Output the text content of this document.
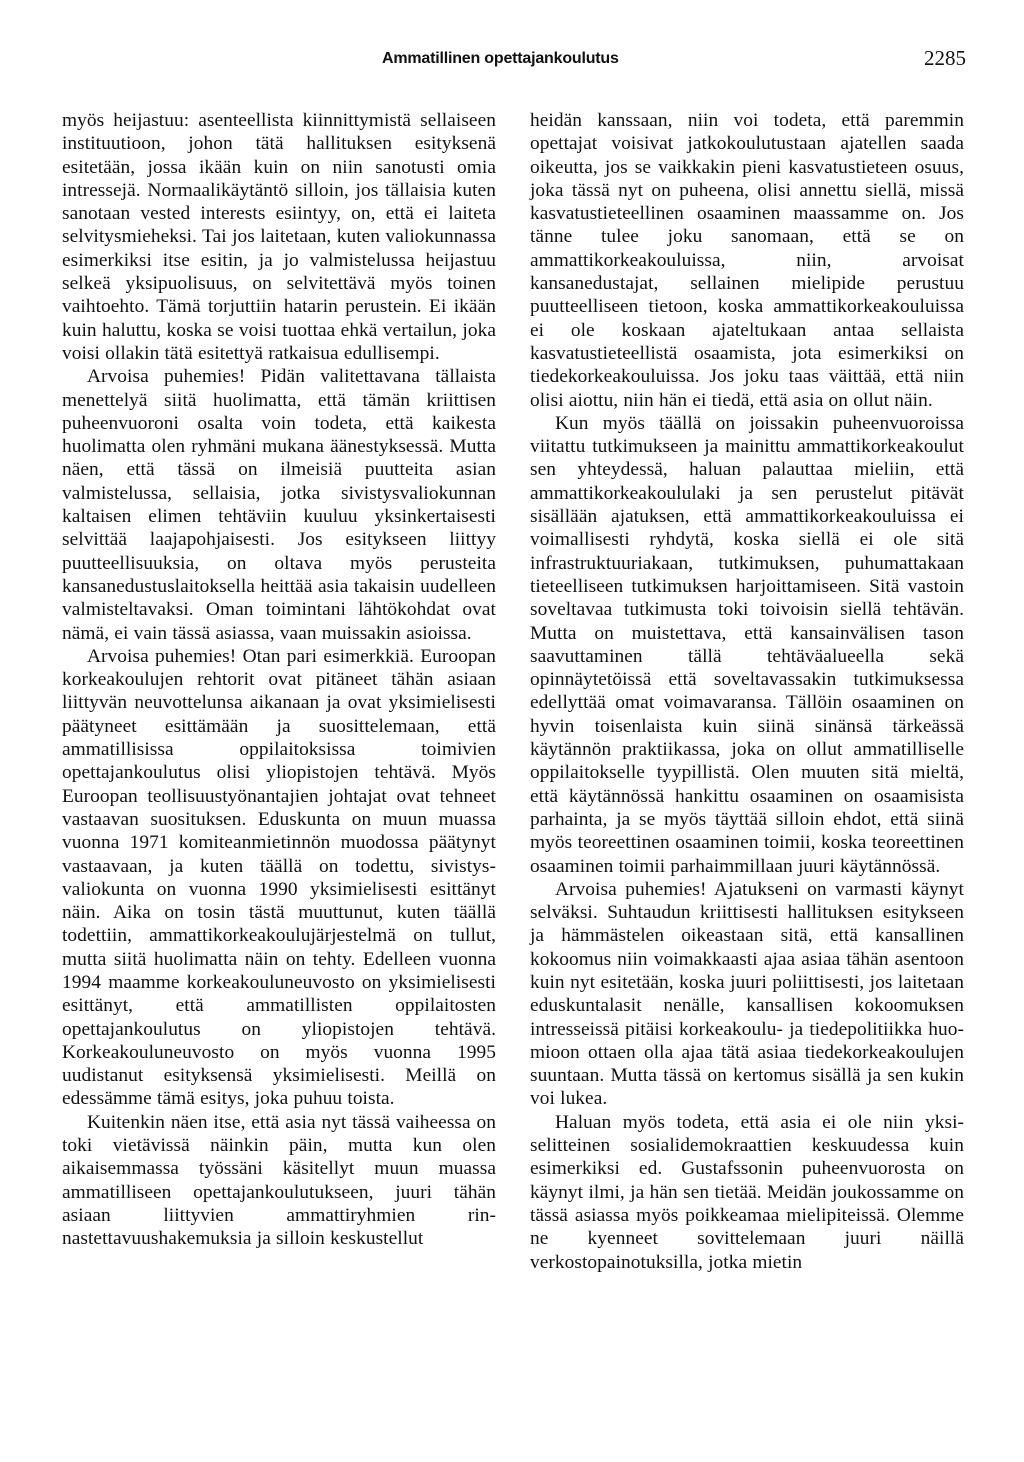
Ammatillinen opettajankoulutus	2285

myös heijastuu: asenteellista kiinnittymistä sellaiseen instituutioon, johon tätä hallituksen esityksenä esitetään, jossa ikään kuin on niin sanotusti omia intressejä. Normaalikäytäntö silloin, jos tällaisia kuten sanotaan vested interests esiintyy, on, että ei laiteta selvitysmieheksi. Tai jos laitetaan, kuten valiokunnassa esimerkiksi itse esitin, ja jo valmistelussa heijastuu selkeä yksipuolisuus, on selvitettävä myös toinen vaihtoehto. Tämä torjuttiin hatarin perustein. Ei ikään kuin haluttu, koska se voisi tuottaa ehkä vertailun, joka voisi ollakin tätä esitettyä ratkaisua edullisempi.

Arvoisa puhemies! Pidän valitettavana tällaista menettelyä siitä huolimatta, että tämän kriittisen puheenvuoroni osalta voin todeta, että kaikesta huolimatta olen ryhmäni mukana äänestyksessä. Mutta näen, että tässä on ilmeisiä puutteita asian valmistelussa, sellaisia, jotka sivistysvaliokunnan kaltaisen elimen tehtäviin kuuluu yksinkertaisesti selvittää laajapohjaisesti. Jos esitykseen liittyy puutteellisuuksia, on oltava myös perusteita kansanedustuslaitoksella heittää asia takaisin uudelleen valmisteltavaksi. Oman toimintani lähtökohdat ovat nämä, ei vain tässä asiassa, vaan muissakin asioissa.

Arvoisa puhemies! Otan pari esimerkkiä. Euroopan korkeakoulujen rehtorit ovat pitäneet tähän asiaan liittyvän neuvottelunsa aikanaan ja ovat yksimielisesti päätyneet esittämään ja suosittelemaan, että ammatillisissa oppilaitoksissa toimivien opettajankoulutus olisi yliopistojen tehtävä. Myös Euroopan teollisuustyönantajien johtajat ovat tehneet vastaavan suosituksen. Eduskunta on muun muassa vuonna 1971 komiteanmietinnön muodossa päätynyt vastaavaan, ja kuten täällä on todettu, sivistysvaliokunta on vuonna 1990 yksimielisesti esittänyt näin. Aika on tosin tästä muuttunut, kuten täällä todettiin, ammattikorkeakoulujärjestelmä on tullut, mutta siitä huolimatta näin on tehty. Edelleen vuonna 1994 maamme korkeakouluneuvosto on yksimielisesti esittänyt, että ammatillisten oppilaitosten opettajankoulutus on yliopistojen tehtävä. Korkeakouluneuvosto on myös vuonna 1995 uudistanut esityksensä yksimielisesti. Meillä on edessämme tämä esitys, joka puhuu toista.

Kuitenkin näen itse, että asia nyt tässä vaiheessa on toki vietävissä näinkin päin, mutta kun olen aikaisemmassa työssäni käsitellyt muun muassa ammatilliseen opettajankoulutukseen, juuri tähän asiaan liittyvien ammattiryhmien rinnastettavuushakemuksia ja silloin keskustellut

heidän kanssaan, niin voi todeta, että paremmin opettajat voisivat jatkokoulutustaan ajatellen saada oikeutta, jos se vaikkakin pieni kasvatustieteen osuus, joka tässä nyt on puheena, olisi annettu siellä, missä kasvatustieteellinen osaaminen maassamme on. Jos tänne tulee joku sanomaan, että se on ammattikorkeakouluissa, niin, arvoisat kansanedustajat, sellainen mielipide perustuu puutteelliseen tietoon, koska ammattikorkeakouluissa ei ole koskaan ajateltukaan antaa sellaista kasvatustieteellistä osaamista, jota esimerkiksi on tiedekorkeakouluissa. Jos joku taas väittää, että niin olisi aiottu, niin hän ei tiedä, että asia on ollut näin.

Kun myös täällä on joissakin puheenvuoroissa viitattu tutkimukseen ja mainittu ammattikorkeakoulut sen yhteydessä, haluan palauttaa mieliin, että ammattikorkeakoululaki ja sen perustelut pitävät sisällään ajatuksen, että ammattikorkeakouluissa ei voimallisesti ryhdytä, koska siellä ei ole sitä infrastruktuuriakaan, tutkimuksen, puhumattakaan tieteelliseen tutkimuksen harjoittamiseen. Sitä vastoin soveltavaa tutkimusta toki toivoisin siellä tehtävän. Mutta on muistettava, että kansainvälisen tason saavuttaminen tällä tehtäväalueella sekä opinnäytetöissä että soveltavassakin tutkimuksessa edellyttää omat voimavaransa. Tällöin osaaminen on hyvin toisenlaista kuin siinä sinänsä tärkeässä käytännön praktiikassa, joka on ollut ammatilliselle oppilaitokselle tyypillistä. Olen muuten sitä mieltä, että käytännössä hankittu osaaminen on osaamisista parhainta, ja se myös täyttää silloin ehdot, että siinä myös teoreettinen osaaminen toimii, koska teoreettinen osaaminen toimii parhaimmillaan juuri käytännössä.

Arvoisa puhemies! Ajatukseni on varmasti käynyt selväksi. Suhtaudun kriittisesti hallituksen esitykseen ja hämmästelen oikeastaan sitä, että kansallinen kokoomus niin voimakkaasti ajaa asiaa tähän asentoon kuin nyt esitetään, koska juuri poliittisesti, jos laitetaan eduskuntalasit nenälle, kansallisen kokoomuksen intresseissä pitäisi korkeakoulu- ja tiedepolitiikka huomioon ottaen olla ajaa tätä asiaa tiedekorkeakoulujen suuntaan. Mutta tässä on kertomus sisällä ja sen kukin voi lukea.

Haluan myös todeta, että asia ei ole niin yksiselitteinen sosialidemokraattien keskuudessa kuin esimerkiksi ed. Gustafssonin puheenvuorosta on käynyt ilmi, ja hän sen tietää. Meidän joukossamme on tässä asiassa myös poikkeamaa mielipiteissä. Olemme ne kyenneet sovittelemaan juuri näillä verkostopainotuksilla, jotka mietin
